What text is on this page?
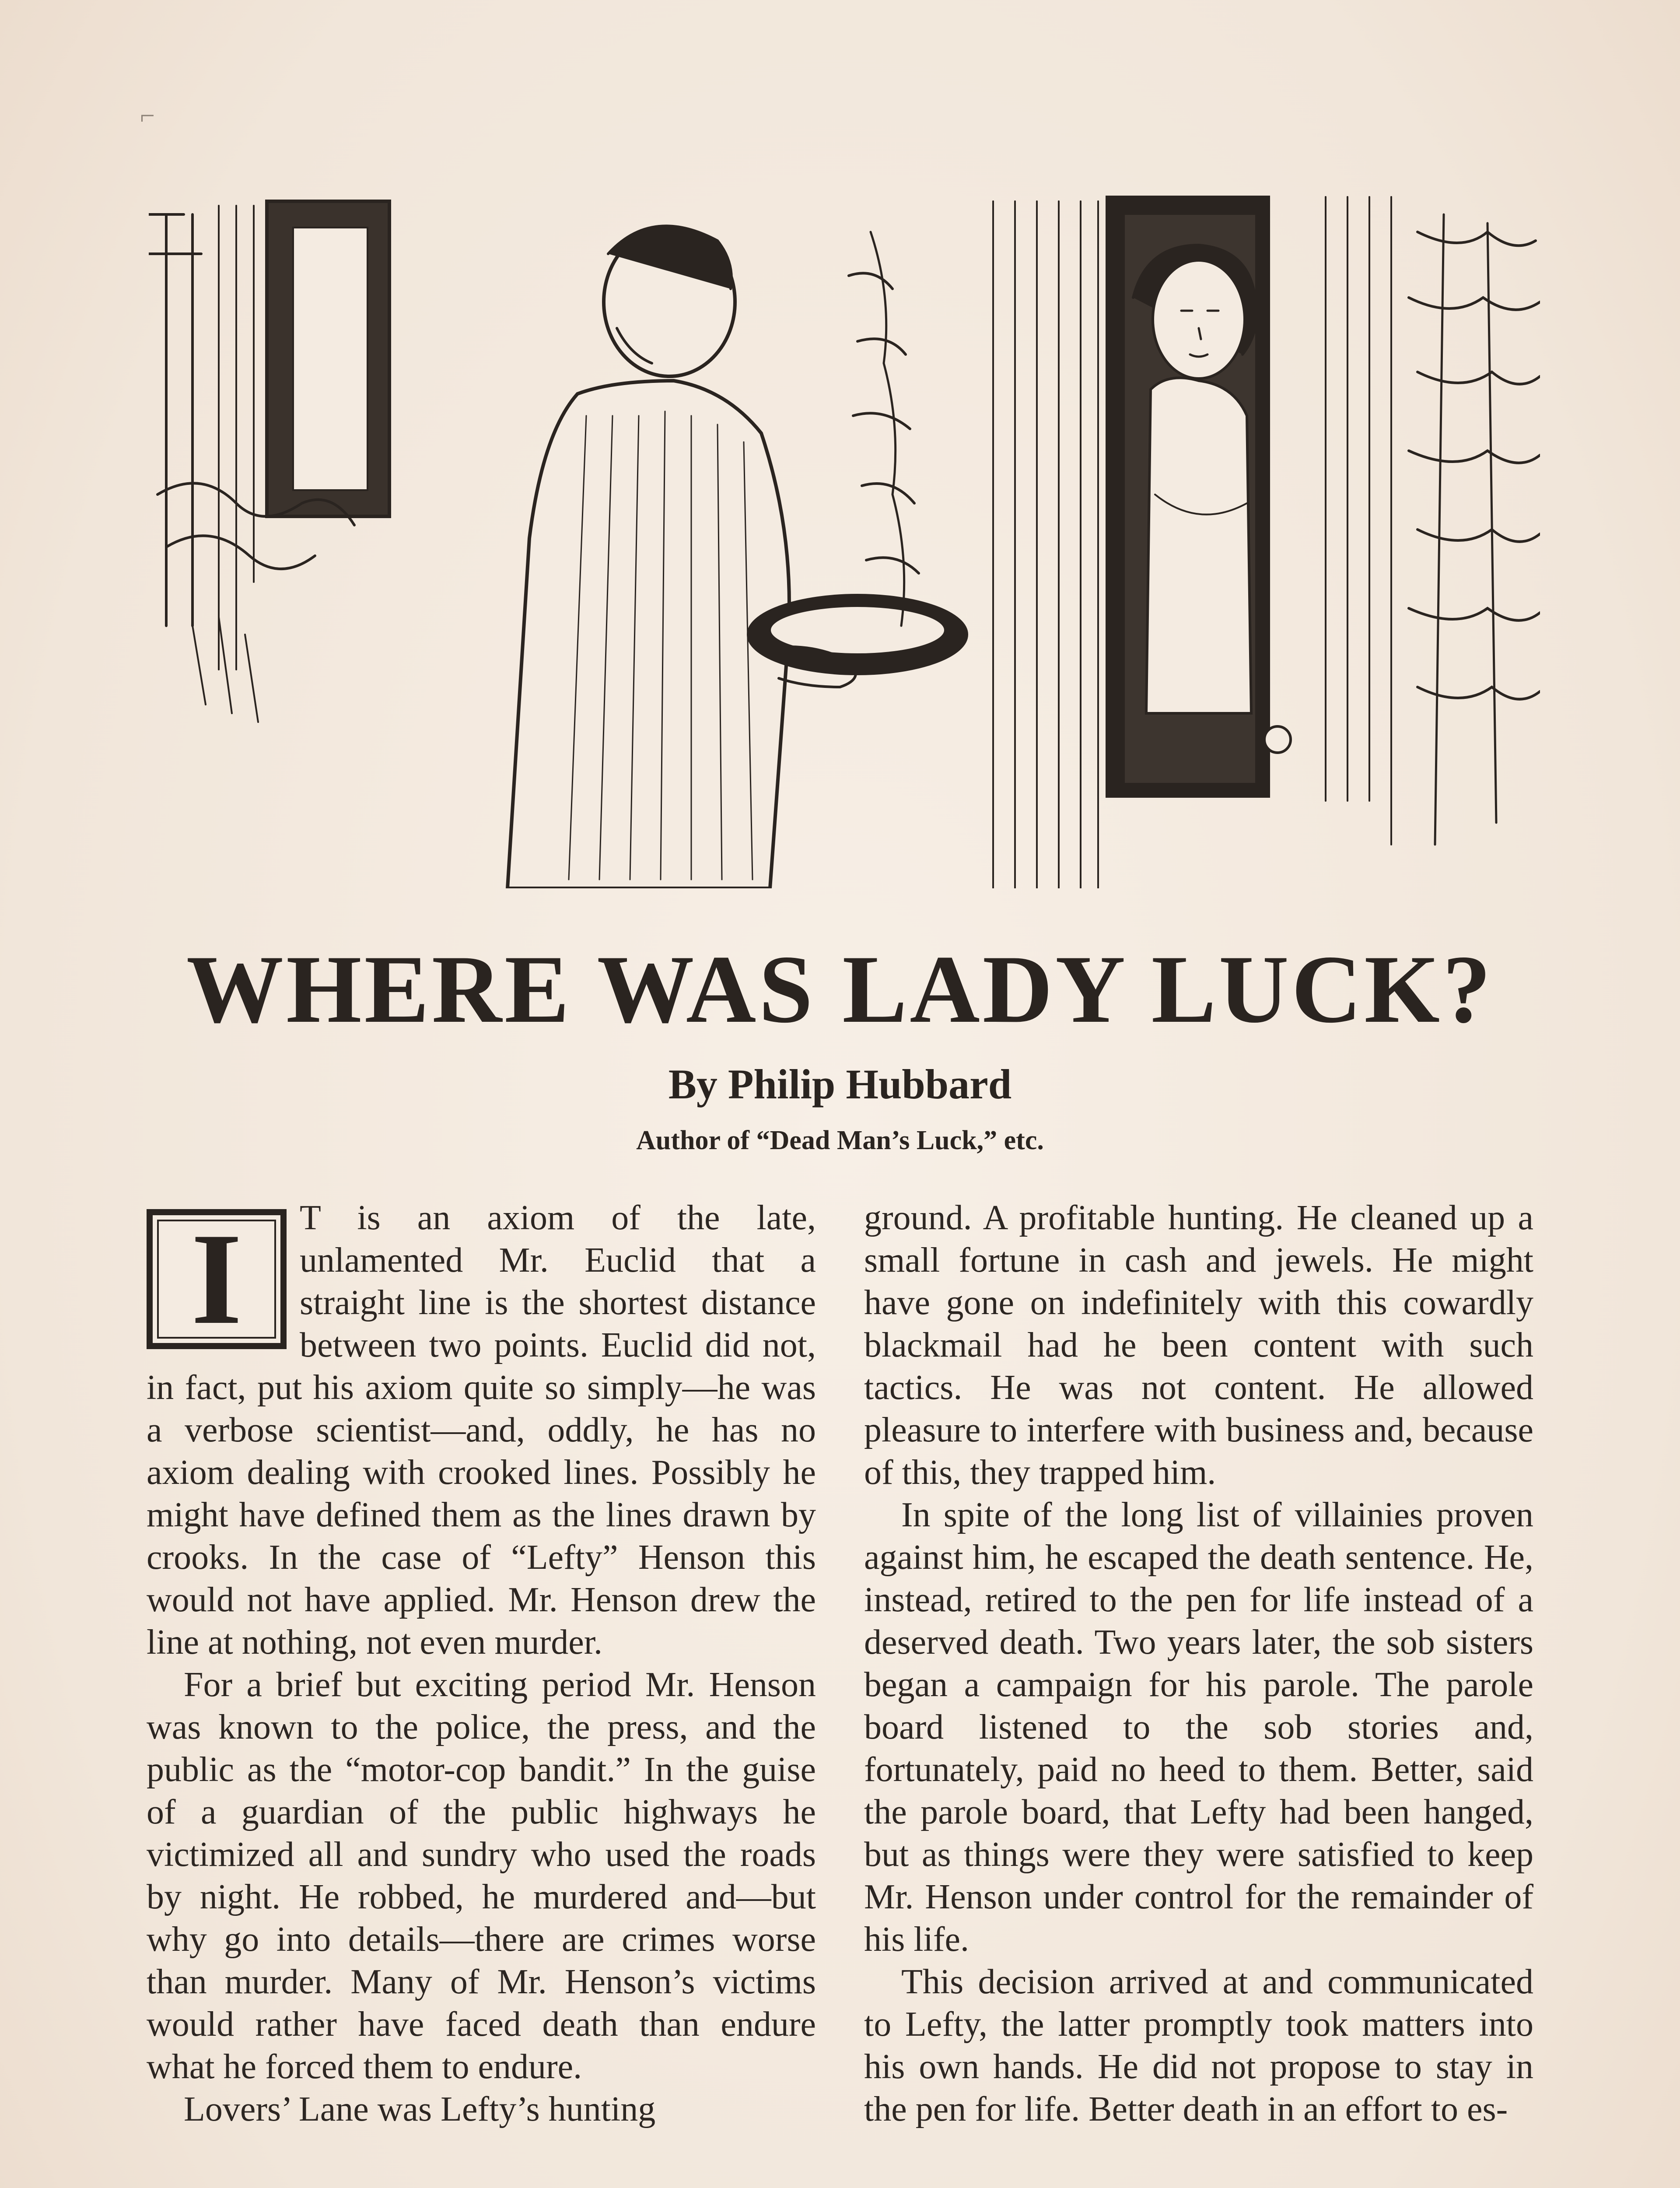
⌐
WHERE WAS LADY LUCK?
By Philip Hubbard
Author of “Dead Man’s Luck,” etc.
I	T is an axiom of the late, unlamented Mr. Euclid that a straight line is the shortest distance between two points. Euclid did not, in fact, put his axiom quite so simply—he was a verbose scientist—and, oddly, he has no axiom dealing with crooked lines. Possibly he might have defined them as the lines drawn by crooks. In the case of “Lefty” Henson this would not have applied. Mr. Henson drew the line at nothing, not even murder.

For a brief but exciting period Mr. Henson was known to the police, the press, and the public as the “motor-cop bandit.” In the guise of a guardian of the public highways he victimized all and sundry who used the roads by night. He robbed, he murdered and—but why go into details—there are crimes worse than murder. Many of Mr. Henson’s victims would rather have faced death than endure what he forced them to endure.

Lovers’ Lane was Lefty’s hunting

ground. A profitable hunting. He cleaned up a small fortune in cash and jewels. He might have gone on indefinitely with this cowardly blackmail had he been content with such tactics. He was not content. He allowed pleasure to interfere with business and, because of this, they trapped him.

In spite of the long list of villainies proven against him, he escaped the death sentence. He, instead, retired to the pen for life instead of a deserved death. Two years later, the sob sisters began a campaign for his parole. The parole board listened to the sob stories and, fortunately, paid no heed to them. Better, said the parole board, that Lefty had been hanged, but as things were they were satisfied to keep Mr. Henson under control for the remainder of his life.

This decision arrived at and communicated to Lefty, the latter promptly took matters into his own hands. He did not propose to stay in the pen for life. Better death in an effort to es-
